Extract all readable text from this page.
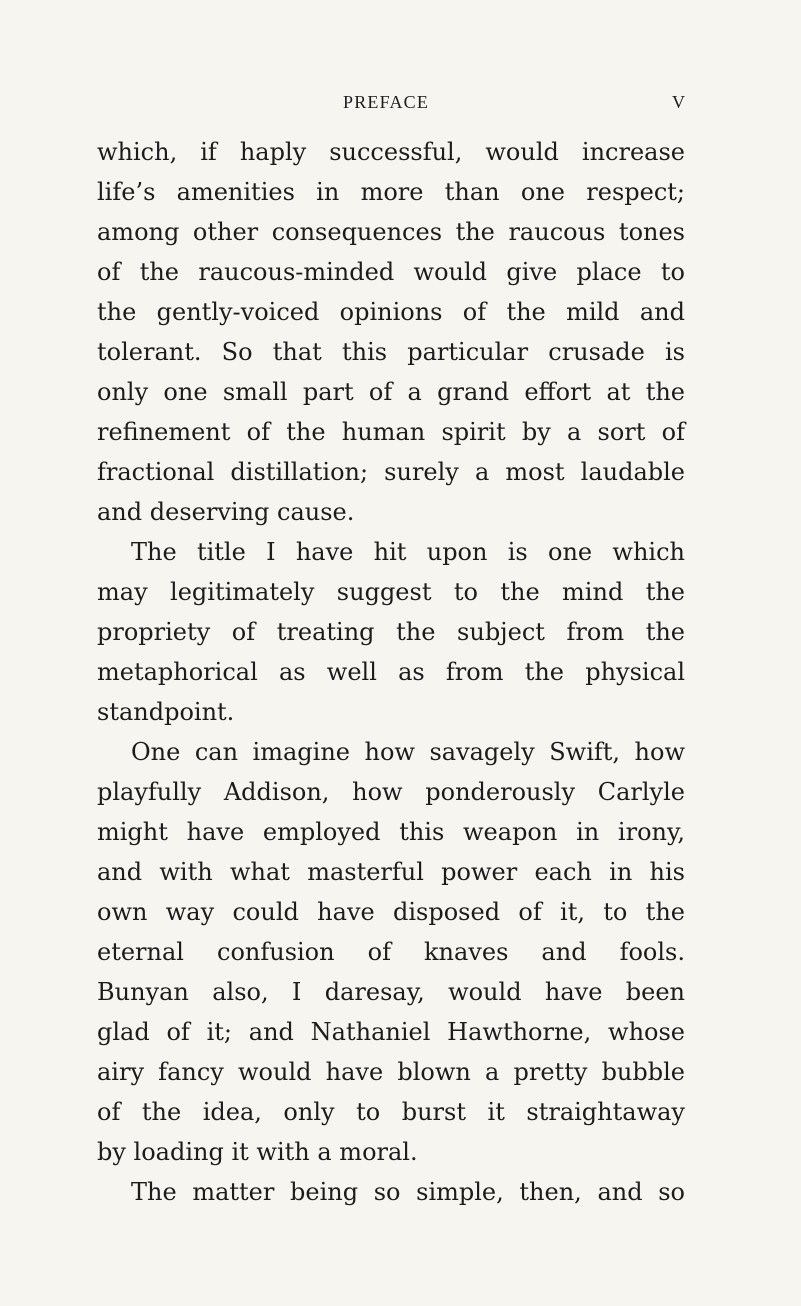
PREFACE	V
which, if haply successful, would increase
life’s amenities in more than one respect;
among other consequences the raucous tones
of the raucous-minded would give place to
the gently-voiced opinions of the mild and
tolerant. So that this particular crusade is
only one small part of a grand effort at the
refinement of the human spirit by a sort of
fractional distillation; surely a most laudable
and deserving cause.
The title I have hit upon is one which
may legitimately suggest to the mind the
propriety of treating the subject from the
metaphorical as well as from the physical
standpoint.
One can imagine how savagely Swift, how
playfully Addison, how ponderously Carlyle
might have employed this weapon in irony,
and with what masterful power each in his
own way could have disposed of it, to the
eternal confusion of knaves and fools.
Bunyan also, I daresay, would have been
glad of it; and Nathaniel Hawthorne, whose
airy fancy would have blown a pretty bubble
of the idea, only to burst it straightaway
by loading it with a moral.
The matter being so simple, then, and so
